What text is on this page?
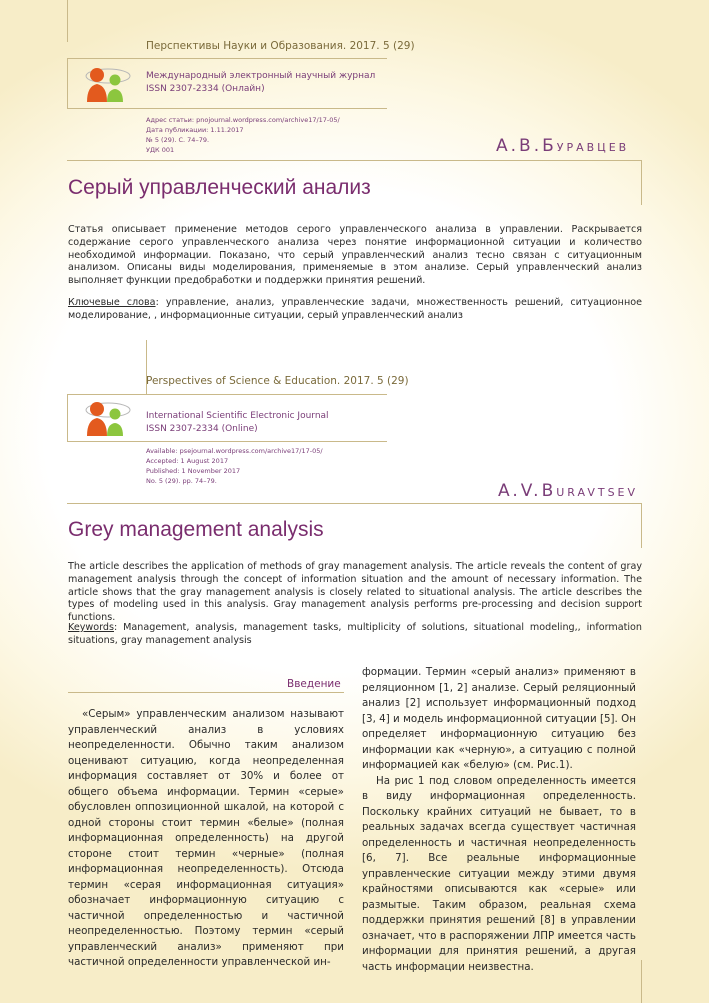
Перспективы Науки и Образования. 2017. 5 (29)
Международный электронный научный журнал
ISSN 2307-2334 (Онлайн)
Адрес статьи: pnojournal.wordpress.com/archive17/17-05/
Дата публикации: 1.11.2017
№ 5 (29). С. 74–79.
УДК 001	А.В.БУРАВЦЕВ
Серый управленческий анализ
Статья описывает применение методов серого управленческого анализа в управлении. Раскрывается содержание серого управленческого анализа через понятие информационной ситуации и количество необходимой информации. Показано, что серый управленческий анализ тесно связан с ситуационным анализом. Описаны виды моделирования, применяемые в этом анализе. Серый управленческий анализ выполняет функции предобработки и поддержки принятия решений.
Ключевые слова: управление, анализ, управленческие задачи, множественность решений, ситуационное моделирование, , информационные ситуации, серый управленческий анализ
Perspectives of Science & Education. 2017. 5 (29)
International Scientific Electronic Journal
ISSN 2307-2334 (Online)
Available: psejournal.wordpress.com/archive17/17-05/
Accepted: 1 August 2017
Published: 1 November 2017
No. 5 (29). pp. 74–79.	A.V.BURAVTSEV
Grey management analysis
The article describes the application of methods of gray management analysis. The article reveals the content of gray management analysis through the concept of information situation and the amount of necessary information. The article shows that the gray management analysis is closely related to situational analysis. The article describes the types of modeling used in this analysis. Gray management analysis performs pre-processing and decision support functions.
Keywords: Management, analysis, management tasks, multiplicity of solutions, situational modeling,, information situations, gray management analysis
Введение

«Серым» управленческим анализом называют управленческий анализ в условиях неопределенности. Обычно таким анализом оценивают ситуацию, когда неопределенная информация составляет от 30% и более от общего объема информации. Термин «серые» обусловлен оппозиционной шкалой, на которой с одной стороны стоит термин «белые» (полная информационная определенность) на другой стороне стоит термин «черные» (полная информационная неопределенность). Отсюда термин «серая информационная ситуация» обозначает информационную ситуацию с частичной определенностью и частичной неопределенностью. Поэтому термин «серый управленческий анализ» применяют при частичной определенности управленческой ин-

формации. Термин «серый анализ» применяют в реляционном [1, 2] анализе. Серый реляционный анализ [2] использует информационный подход [3, 4] и модель информационной ситуации [5]. Он определяет информационную ситуацию без информации как «черную», а ситуацию с полной информацией как «белую» (см. Рис.1).

На рис 1 под словом определенность имеется в виду информационная определенность. Поскольку крайних ситуаций не бывает, то в реальных задачах всегда существует частичная определенность и частичная неопределенность [6, 7]. Все реальные информационные управленческие ситуации между этими двумя крайностями описываются как «серые» или размытые. Таким образом, реальная схема поддержки принятия решений [8] в управлении означает, что в распоряжении ЛПР имеется часть информации для принятия решений, а другая часть информации неизвестна.
